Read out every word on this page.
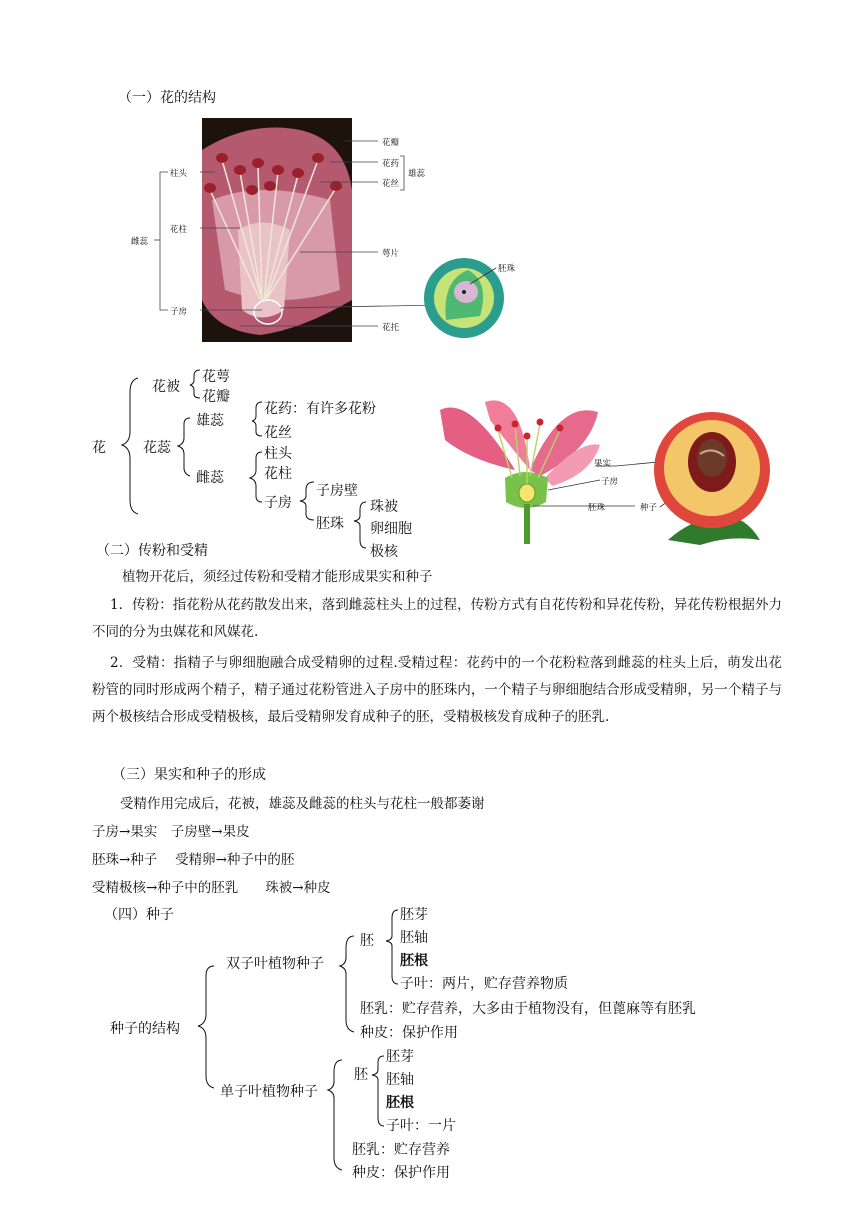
（一）花的结构
花瓣
花药
花丝
雄蕊
柱头
花柱
雌蕊
萼片
子房
花托
胚珠
花
花被
花萼
花瓣
花蕊
雄蕊
花药：有许多花粉
花丝
雌蕊
柱头
花柱
子房
子房壁
胚珠
珠被
卵细胞
极核
子房
胚珠
果实
种子
（二）传粉和受精
植物开花后，须经过传粉和受精才能形成果实和种子
1．传粉：指花粉从花药散发出来，落到雌蕊柱头上的过程，传粉方式有自花传粉和异花传粉，异花传粉根据外力不同的分为虫媒花和风媒花.
2．受精：指精子与卵细胞融合成受精卵的过程.受精过程：花药中的一个花粉粒落到雌蕊的柱头上后，萌发出花粉管的同时形成两个精子，精子通过花粉管进入子房中的胚珠内，一个精子与卵细胞结合形成受精卵，另一个精子与两个极核结合形成受精极核，最后受精卵发育成种子的胚，受精极核发育成种子的胚乳.
（三）果实和种子的形成
受精作用完成后，花被，雄蕊及雌蕊的柱头与花柱一般都萎谢
子房→果实　子房壁→果皮
胚珠→种子　 受精卵→种子中的胚
受精极核→种子中的胚乳　　珠被→种皮
（四）种子
种子的结构
双子叶植物种子
胚
胚芽
胚轴
胚根
子叶：两片，贮存营养物质
胚乳：贮存营养，大多由于植物没有，但蓖麻等有胚乳
种皮：保护作用
单子叶植物种子
胚
胚芽
胚轴
胚根
子叶：一片
胚乳：贮存营养
种皮：保护作用
